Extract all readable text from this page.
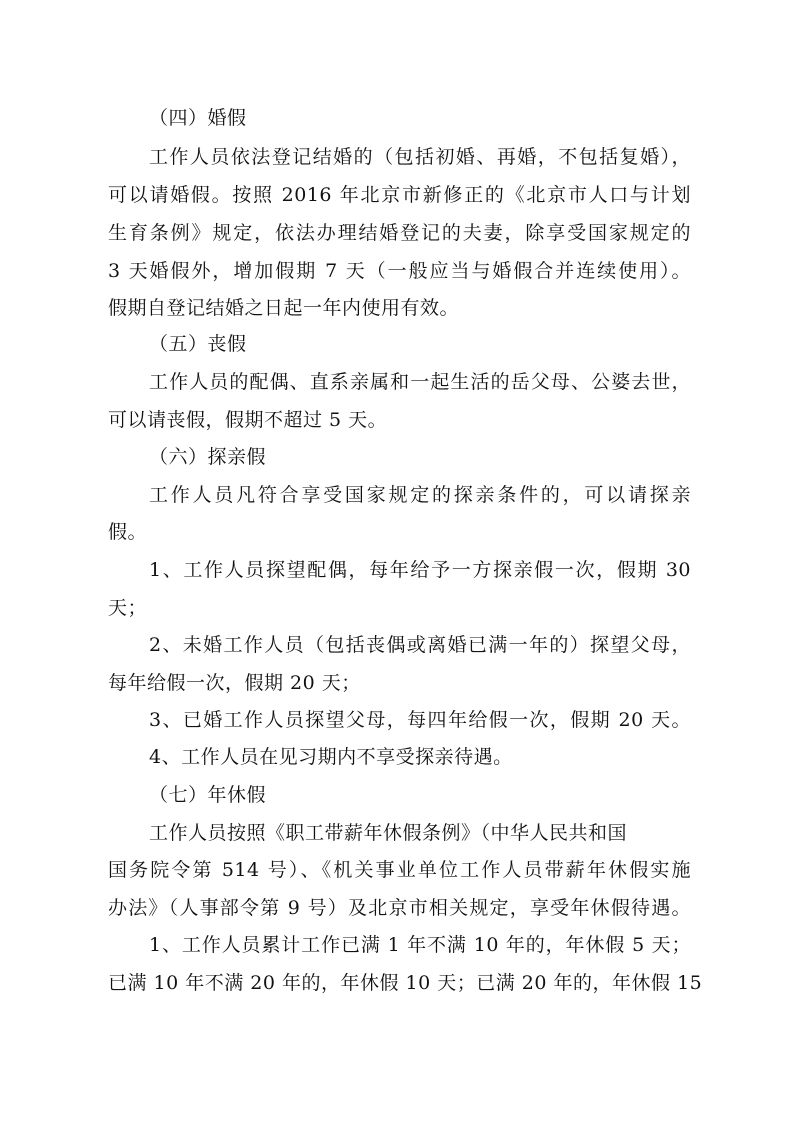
（四）婚假
工作人员依法登记结婚的（包括初婚、再婚，不包括复婚），
可以请婚假。按照 2016 年北京市新修正的《北京市人口与计划
生育条例》规定，依法办理结婚登记的夫妻，除享受国家规定的
3 天婚假外，增加假期 7 天（一般应当与婚假合并连续使用）。
假期自登记结婚之日起一年内使用有效。
（五）丧假
工作人员的配偶、直系亲属和一起生活的岳父母、公婆去世，
可以请丧假，假期不超过 5 天。
（六）探亲假
工作人员凡符合享受国家规定的探亲条件的，可以请探亲
假。
1、工作人员探望配偶，每年给予一方探亲假一次，假期 30
天；
2、未婚工作人员（包括丧偶或离婚已满一年的）探望父母，
每年给假一次，假期 20 天；
3、已婚工作人员探望父母，每四年给假一次，假期 20 天。
4、工作人员在见习期内不享受探亲待遇。
（七）年休假
工作人员按照《职工带薪年休假条例》（中华人民共和国
国务院令第 514 号）、《机关事业单位工作人员带薪年休假实施
办法》（人事部令第 9 号）及北京市相关规定，享受年休假待遇。
1、工作人员累计工作已满 1 年不满 10 年的，年休假 5 天；
已满 10 年不满 20 年的，年休假 10 天；已满 20 年的，年休假 15
